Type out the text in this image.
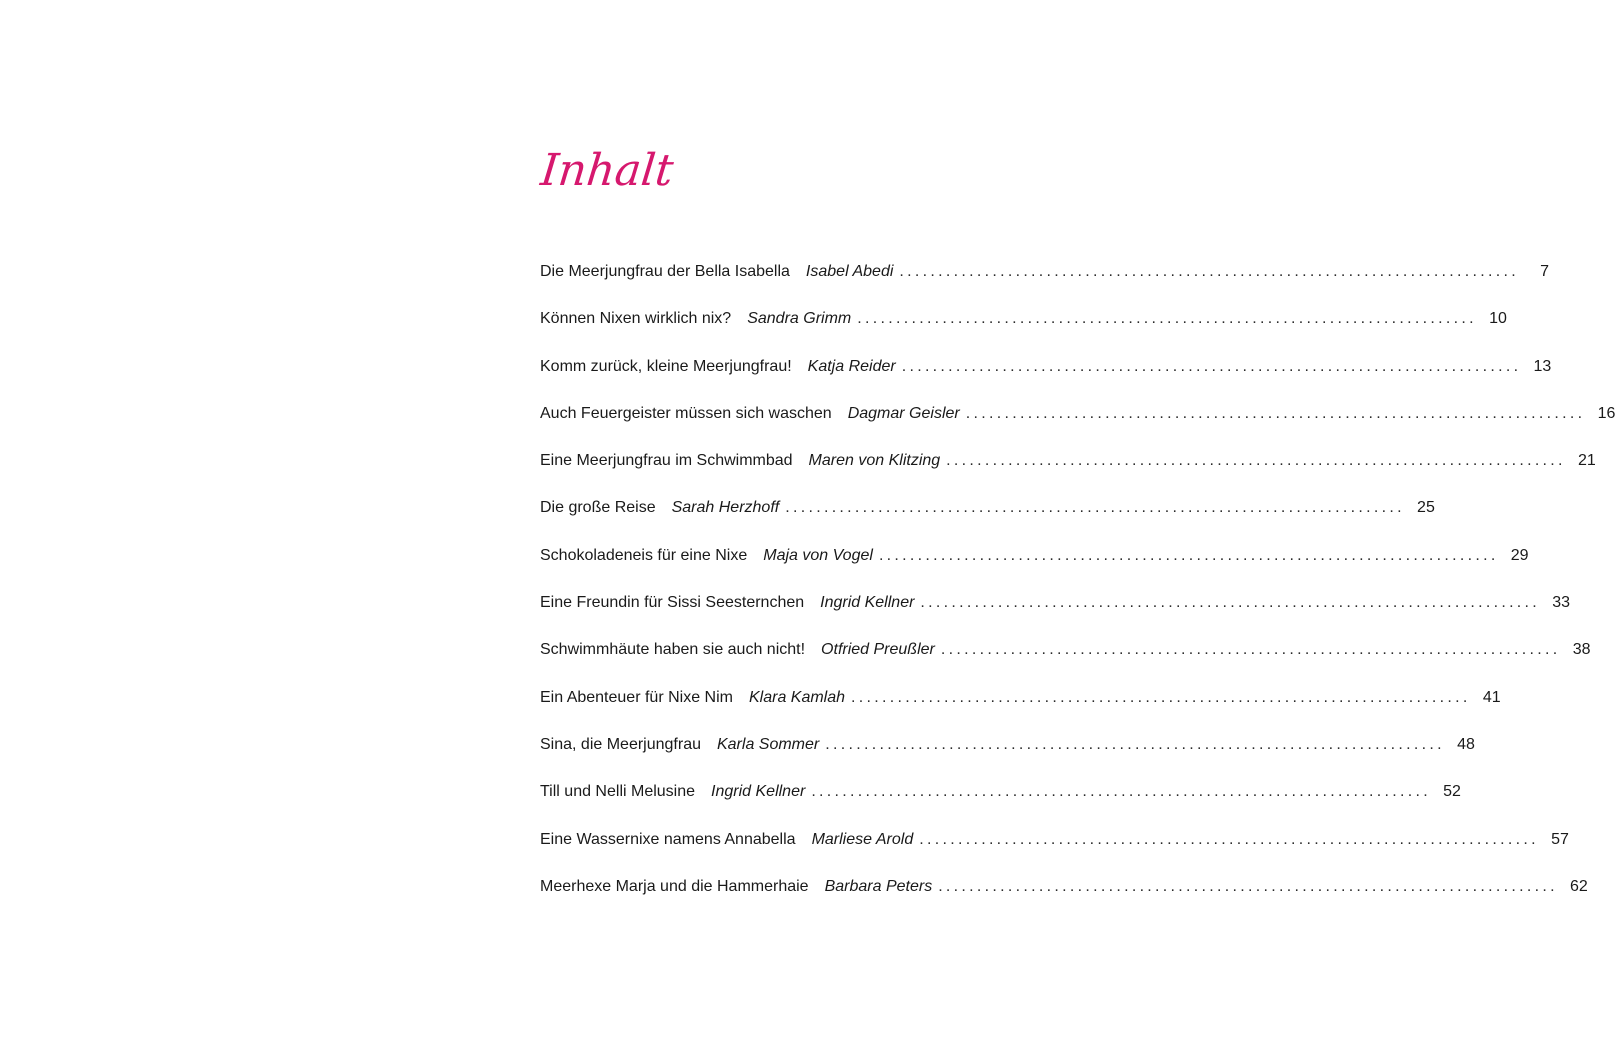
Inhalt
Die Meerjungfrau der Bella Isabella Isabel Abedi ................................................................................	7
Können Nixen wirklich nix? Sandra Grimm ................................................................................ 10
Komm zurück, kleine Meerjungfrau! Katja Reider ................................................................................ 13
Auch Feuergeister müssen sich waschen Dagmar Geisler ................................................................................ 16
Eine Meerjungfrau im Schwimmbad Maren von Klitzing ................................................................................ 21
Die große Reise Sarah Herzhoff ................................................................................ 25
Schokoladeneis für eine Nixe Maja von Vogel ................................................................................ 29
Eine Freundin für Sissi Seesternchen Ingrid Kellner ................................................................................ 33
Schwimmhäute haben sie auch nicht! Otfried Preußler ................................................................................ 38
Ein Abenteuer für Nixe Nim Klara Kamlah ................................................................................ 41
Sina, die Meerjungfrau Karla Sommer ................................................................................ 48
Till und Nelli Melusine Ingrid Kellner ................................................................................ 52
Eine Wassernixe namens Annabella Marliese Arold ................................................................................ 57
Meerhexe Marja und die Hammerhaie Barbara Peters ................................................................................ 62
